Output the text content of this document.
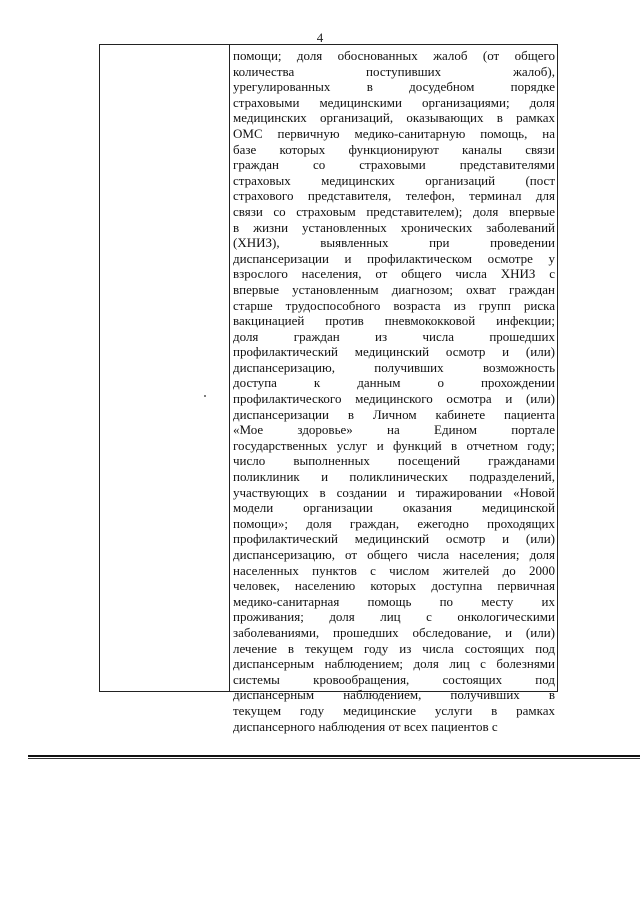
4

помощи; доля обоснованных жалоб (от общего
количества поступивших жалоб),
урегулированных в досудебном порядке
страховыми медицинскими организациями; доля
медицинских организаций, оказывающих в рамках
ОМС первичную медико-санитарную помощь, на
базе которых функционируют каналы связи
граждан со страховыми представителями
страховых медицинских организаций (пост
страхового представителя, телефон, терминал для
связи со страховым представителем); доля впервые
в жизни установленных хронических заболеваний
(ХНИЗ), выявленных при проведении
диспансеризации и профилактическом осмотре у
взрослого населения, от общего числа ХНИЗ с
впервые установленным диагнозом; охват граждан
старше трудоспособного возраста из групп риска
вакцинацией против пневмококковой инфекции;
доля граждан из числа прошедших
профилактический медицинский осмотр и (или)
диспансеризацию, получивших возможность
доступа к данным о прохождении
профилактического медицинского осмотра и (или)
диспансеризации в Личном кабинете пациента
«Мое здоровье» на Едином портале
государственных услуг и функций в отчетном году;
число выполненных посещений гражданами
поликлиник и поликлинических подразделений,
участвующих в создании и тиражировании «Новой
модели организации оказания медицинской
помощи»; доля граждан, ежегодно проходящих
профилактический медицинский осмотр и (или)
диспансеризацию, от общего числа населения; доля
населенных пунктов с числом жителей до 2000
человек, населению которых доступна первичная
медико-санитарная помощь по месту их
проживания; доля лиц с онкологическими
заболеваниями, прошедших обследование, и (или)
лечение в текущем году из числа состоящих под
диспансерным наблюдением; доля лиц с болезнями
системы кровообращения, состоящих под
диспансерным наблюдением, получивших в
текущем году медицинские услуги в рамках
диспансерного наблюдения от всех пациентов с
